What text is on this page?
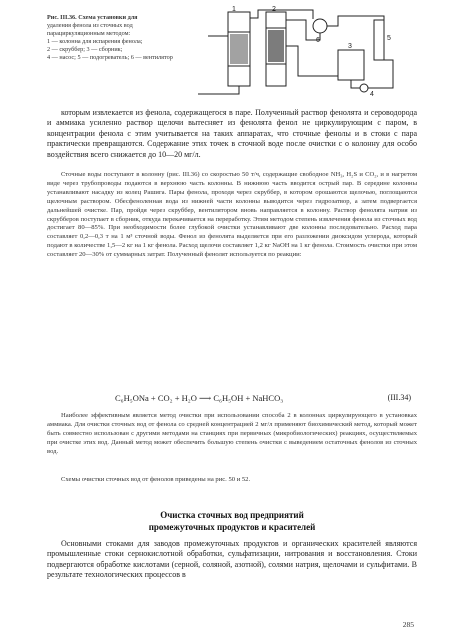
Рис. III.36. Схема установки для
удаления фенола из сточных вод
парациркуляционным методом:
1 — колонна для испарения фенола;
2 — скруббер; 3 — сборник;
4 — насос; 5 — подогреватель; 6 — вентилятор
1	2
3
4
5
6
которым извлекается из фенола, содержащегося в паре. Полученный раствор фенолята и сероводорода и аммиака усиленно раствор щелочи вытесняет из фенолята фенол не циркулирующим с паром, в концентрации фенола с этим учитывается на таких аппаратах, что сточные фенолы и в стоки с пара практически превращаются. Содержание этих точек в сточной воде после очистки с о колонну для особо воздействия всего снижается до 10—20 мг/л.
Сточные воды поступают в колонну (рис. III.36) со скоростью 50 т/ч, содержащие свободное NH₃, H₂S и CO₂, и в нагретом виде через трубопроводы подаются в верхнюю часть колонны. В нижнюю часть вводится острый пар. В середине колонны устанавливают насадку из колец Рашига. Пары фенола, проходя через скруббер, в котором орошаются щелочью, поглощаются щелочным раствором. Обесфеноленная вода из нижней части колонны выводится через гидрозатвор, а затем подвергается дальнейшей очистке. Пар, пройдя через скруббер, вентилятором вновь направляется в колонну. Раствор фенолята натрия из скрубберов поступает в сборник, откуда перекачивается на переработку. Этим методом степень извлечения фенола из сточных вод достигает 80—85%. При необходимости более глубокой очистки устанавливают две колонны последовательно. Расход пара составляет 0,2—0,3 т на 1 м³ сточной воды. Фенол из фенолята выделяется при его разложении диоксидом углерода, который подают в количестве 1,5—2 кг на 1 кг фенола. Расход щелочи составляет 1,2 кг NaOH на 1 кг фенола. Стоимость очистки при этом составляет 20—30% от суммарных затрат. Полученный фенолят используется по реакции:
C₆H₅ONa + CO₂ + H₂O ⟶ C₆H₅OH + NaHCO₃	(III.34)
Наиболее эффективным является метод очистки при использовании способа 2 в колоннах циркулирующего в установках аммиака. Для очистки сточных вод от фенола со средней концентрацией 2 мг/л применяют биохимический метод, который может быть совместно использован с другими методами на станциях при первичных (микробиологических) реакциях, осуществляемых при очистке этих вод. Данный метод может обеспечить большую степень очистки с выведением остаточных фенолов из сточных вод.
Схемы очистки сточных вод от фенолов приведены на рис. 50 и 52.
Очистка сточных вод предприятий
промежуточных продуктов и красителей
Основными стоками для заводов промежуточных продуктов и органических красителей являются промышленные стоки сернокислотной обработки, сульфатизации, нитрования и восстановления. Стоки подвергаются обработке кислотами (серной, соляной, азотной), солями натрия, щелочами и сульфитами. В результате технологических процессов в
285
